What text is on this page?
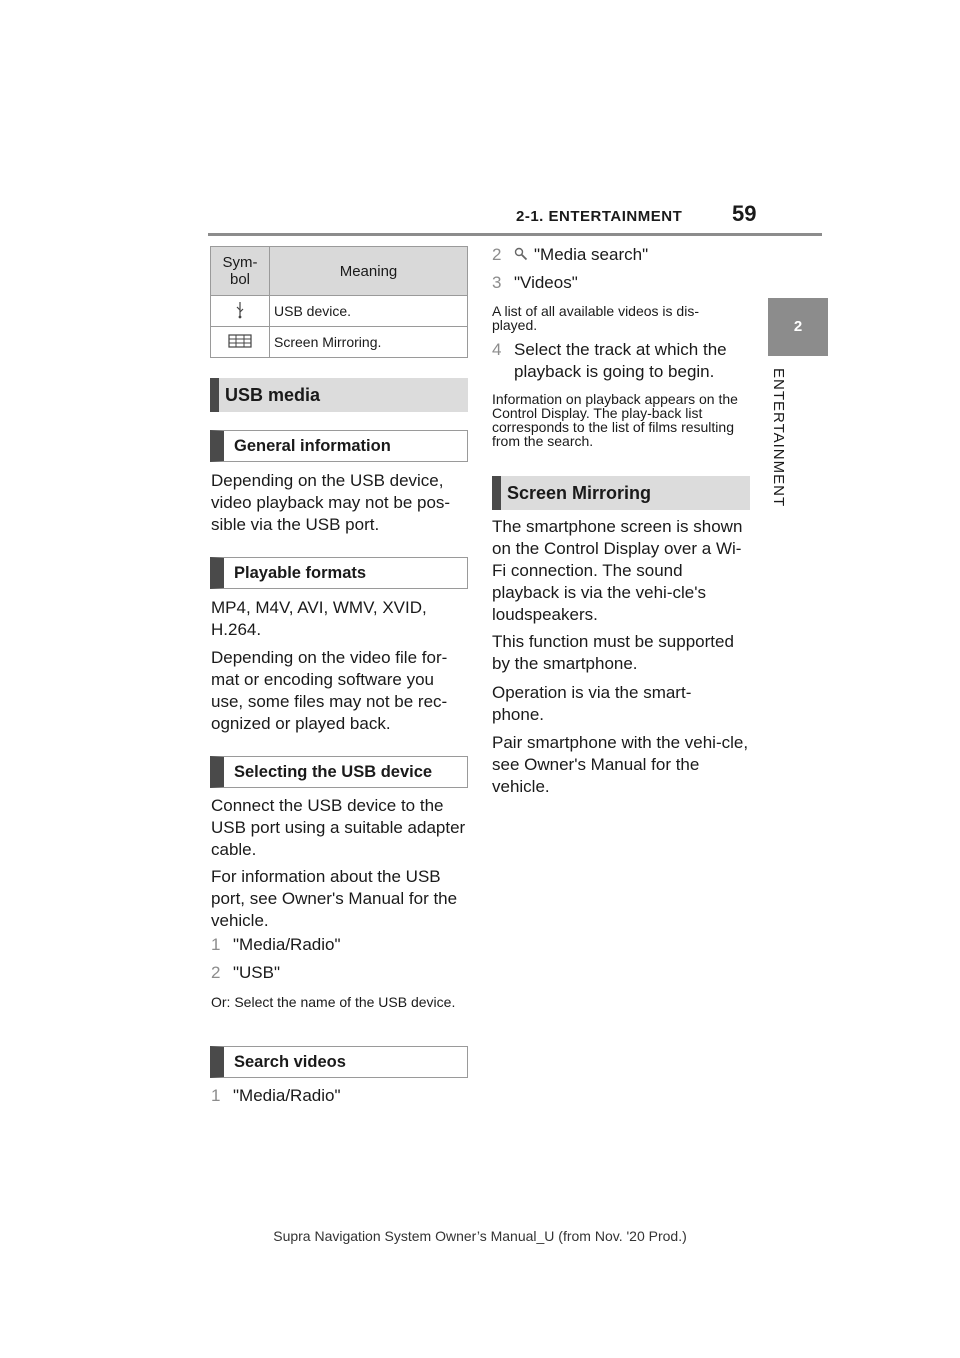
2-1. ENTERTAINMENT 59
2
ENTERTAINMENT
Sym-
bol	Meaning
	USB device.
	Screen Mirroring.
USB media
General information
Depending on the USB device, video playback may not be pos-sible via the USB port.
Playable formats
MP4, M4V, AVI, WMV, XVID, H.264.
Depending on the video file for-mat or encoding software you use, some files may not be rec-ognized or played back.
Selecting the USB device
Connect the USB device to the USB port using a suitable adapter cable.
For information about the USB port, see Owner's Manual for the vehicle.
1 "Media/Radio"
2 "USB"
Or: Select the name of the USB device.
Search videos
1 "Media/Radio"
2 "Media search"
3 "Videos"
A list of all available videos is dis-played.
4 Select the track at which the playback is going to begin.
Information on playback appears on the Control Display. The play-back list corresponds to the list of films resulting from the search.
Screen Mirroring
The smartphone screen is shown on the Control Display over a Wi-Fi connection. The sound playback is via the vehi-cle's loudspeakers.
This function must be supported by the smartphone.
Operation is via the smart-phone.
Pair smartphone with the vehi-cle, see Owner's Manual for the vehicle.
Supra Navigation System Owner’s Manual_U (from Nov. '20 Prod.)
